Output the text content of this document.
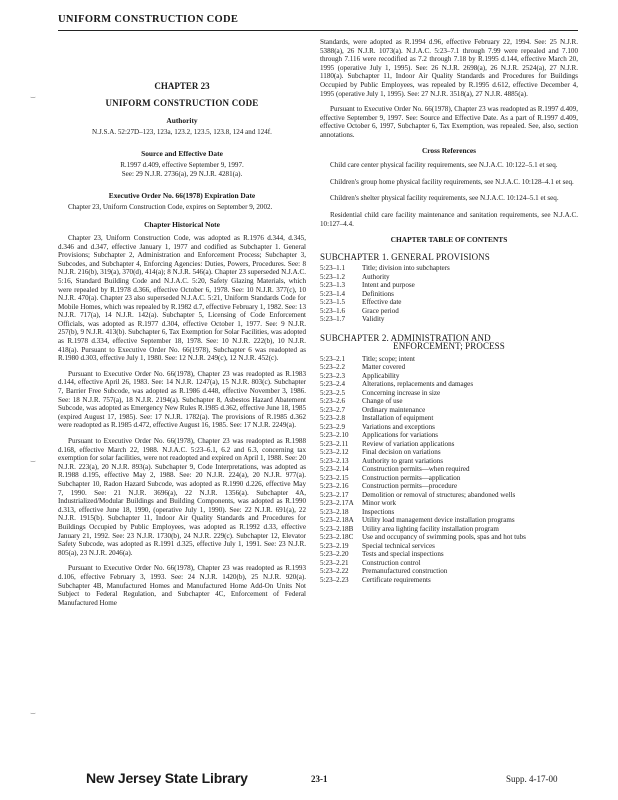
UNIFORM CONSTRUCTION CODE
⌣
⌣
⌣
CHAPTER 23
UNIFORM CONSTRUCTION CODE
Authority
N.J.S.A. 52:27D–123, 123a, 123.2, 123.5, 123.8, 124 and 124f.
Source and Effective Date
R.1997 d.409, effective September 9, 1997.
See: 29 N.J.R. 2736(a), 29 N.J.R. 4281(a).
Executive Order No. 66(1978) Expiration Date

Chapter 23, Uniform Construction Code, expires on September 9, 2002.

Chapter Historical Note

Chapter 23, Uniform Construction Code, was adopted as R.1976 d.344, d.345, d.346 and d.347, effective January 1, 1977 and codified as Subchapter 1. General Provisions; Subchapter 2, Administration and Enforcement Process; Subchapter 3, Subcodes, and Subchapter 4, Enforcing Agencies: Duties, Powers, Procedures. See: 8 N.J.R. 216(b), 319(a), 370(d), 414(a); 8 N.J.R. 546(a). Chapter 23 superseded N.J.A.C. 5:16, Standard Building Code and N.J.A.C. 5:20, Safety Glazing Materials, which were repealed by R.1978 d.366, effective October 6, 1978. See: 10 N.J.R. 377(c), 10 N.J.R. 470(a). Chapter 23 also superseded N.J.A.C. 5:21, Uniform Standards Code for Mobile Homes, which was repealed by R.1982 d.7, effective February 1, 1982. See: 13 N.J.R. 717(a), 14 N.J.R. 142(a). Subchapter 5, Licensing of Code Enforcement Officials, was adopted as R.1977 d.304, effective October 1, 1977. See: 9 N.J.R. 257(b), 9 N.J.R. 413(b). Subchapter 6, Tax Exemption for Solar Facilities, was adopted as R.1978 d.334, effective September 18, 1978. See: 10 N.J.R. 222(b), 10 N.J.R. 418(a). Pursuant to Executive Order No. 66(1978), Subchapter 6 was readopted as R.1980 d.303, effective July 1, 1980. See: 12 N.J.R. 249(c), 12 N.J.R. 452(c).

Pursuant to Executive Order No. 66(1978), Chapter 23 was readopted as R.1983 d.144, effective April 26, 1983. See: 14 N.J.R. 1247(a), 15 N.J.R. 803(c). Subchapter 7, Barrier Free Subcode, was adopted as R.1986 d.448, effective November 3, 1986. See: 18 N.J.R. 757(a), 18 N.J.R. 2194(a). Subchapter 8, Asbestos Hazard Abatement Subcode, was adopted as Emergency New Rules R.1985 d.362, effective June 18, 1985 (expired August 17, 1985). See: 17 N.J.R. 1782(a). The provisions of R.1985 d.362 were readopted as R.1985 d.472, effective August 16, 1985. See: 17 N.J.R. 2249(a).

Pursuant to Executive Order No. 66(1978), Chapter 23 was readopted as R.1988 d.168, effective March 22, 1988. N.J.A.C. 5:23–6.1, 6.2 and 6.3, concerning tax exemption for solar facilities, were not readopted and expired on April 1, 1988. See: 20 N.J.R. 223(a), 20 N.J.R. 893(a). Subchapter 9, Code Interpretations, was adopted as R.1988 d.195, effective May 2, 1988. See: 20 N.J.R. 224(a), 20 N.J.R. 977(a). Subchapter 10, Radon Hazard Subcode, was adopted as R.1990 d.226, effective May 7, 1990. See: 21 N.J.R. 3696(a), 22 N.J.R. 1356(a). Subchapter 4A, Industrialized/Modular Buildings and Building Components, was adopted as R.1990 d.313, effective June 18, 1990, (operative July 1, 1990). See: 22 N.J.R. 691(a), 22 N.J.R. 1915(b). Subchapter 11, Indoor Air Quality Standards and Procedures for Buildings Occupied by Public Employees, was adopted as R.1992 d.33, effective January 21, 1992. See: 23 N.J.R. 1730(b), 24 N.J.R. 229(c). Subchapter 12, Elevator Safety Subcode, was adopted as R.1991 d.325, effective July 1, 1991. See: 23 N.J.R. 805(a), 23 N.J.R. 2046(a).

Pursuant to Executive Order No. 66(1978), Chapter 23 was readopted as R.1993 d.106, effective February 3, 1993. See: 24 N.J.R. 1420(b), 25 N.J.R. 920(a). Subchapter 4B, Manufactured Homes and Manufactured Home Add-On Units Not Subject to Federal Regulation, and Subchapter 4C, Enforcement of Federal Manufactured Home

Standards, were adopted as R.1994 d.96, effective February 22, 1994. See: 25 N.J.R. 5388(a), 26 N.J.R. 1073(a). N.J.A.C. 5:23–7.1 through 7.99 were repealed and 7.100 through 7.116 were recodified as 7.2 through 7.18 by R.1995 d.144, effective March 20, 1995 (operative July 1, 1995). See: 26 N.J.R. 2698(a), 26 N.J.R. 2524(a), 27 N.J.R. 1180(a). Subchapter 11, Indoor Air Quality Standards and Procedures for Buildings Occupied by Public Employees, was repealed by R.1995 d.612, effective December 4, 1995 (operative July 1, 1995). See: 27 N.J.R. 3518(a), 27 N.J.R. 4885(a).

Pursuant to Executive Order No. 66(1978), Chapter 23 was readopted as R.1997 d.409, effective September 9, 1997. See: Source and Effective Date. As a part of R.1997 d.409, effective October 6, 1997, Subchapter 6, Tax Exemption, was repealed. See, also, section annotations.

Cross References

Child care center physical facility requirements, see N.J.A.C. 10:122–5.1 et seq.

Children's group home physical facility requirements, see N.J.A.C. 10:128–4.1 et seq.

Children's shelter physical facility requirements, see N.J.A.C. 10:124–5.1 et seq.

Residential child care facility maintenance and sanitation requirements, see N.J.A.C. 10:127–4.4.

CHAPTER TABLE OF CONTENTS
SUBCHAPTER 1. GENERAL PROVISIONS
5:23–1.1	Title; division into subchapters
5:23–1.2	Authority
5:23–1.3	Intent and purpose
5:23–1.4	Definitions
5:23–1.5	Effective date
5:23–1.6	Grace period
5:23–1.7	Validity
SUBCHAPTER 2. ADMINISTRATION AND
ENFORCEMENT; PROCESS
5:23–2.1	Title; scope; intent
5:23–2.2	Matter covered
5:23–2.3	Applicability
5:23–2.4	Alterations, replacements and damages
5:23–2.5	Concerning increase in size
5:23–2.6	Change of use
5:23–2.7	Ordinary maintenance
5:23–2.8	Installation of equipment
5:23–2.9	Variations and exceptions
5:23–2.10	Applications for variations
5:23–2.11	Review of variation applications
5:23–2.12	Final decision on variations
5:23–2.13	Authority to grant variations
5:23–2.14	Construction permits—when required
5:23–2.15	Construction permits—application
5:23–2.16	Construction permits—procedure
5:23–2.17	Demolition or removal of structures; abandoned wells
5:23–2.17A	Minor work
5:23–2.18	Inspections
5:23–2.18A	Utility load management device installation programs
5:23–2.18B	Utility area lighting facility installation program
5:23–2.18C	Use and occupancy of swimming pools, spas and hot tubs
5:23–2.19	Special technical services
5:23–2.20	Tests and special inspections
5:23–2.21	Construction control
5:23–2.22	Premanufactured construction
5:23–2.23	Certificate requirements
New Jersey State Library	23-1	Supp. 4-17-00
